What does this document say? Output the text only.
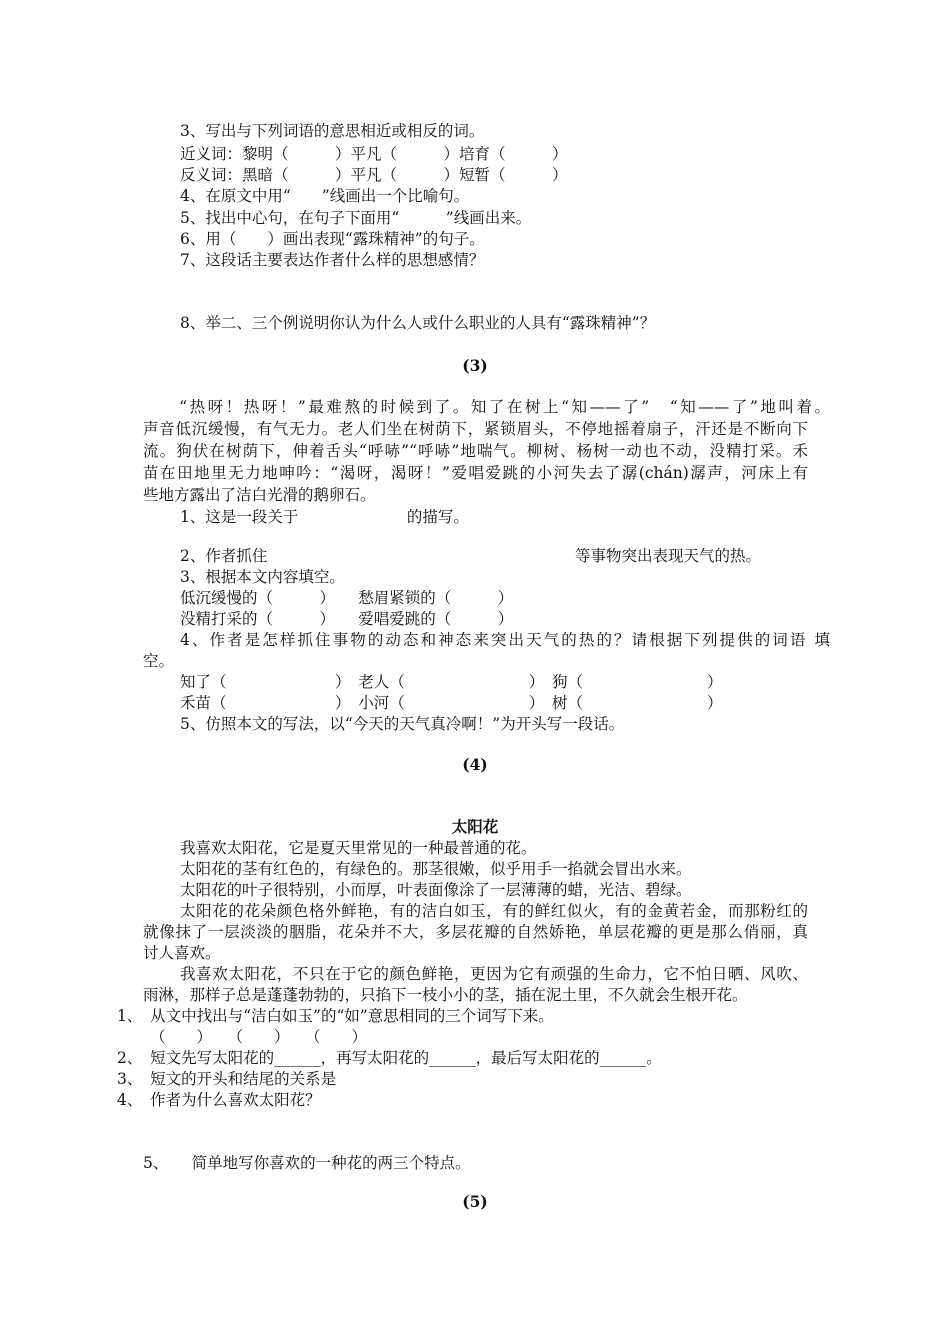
3、写出与下列词语的意思相近或相反的词。
近义词：黎明（　　　）平凡（　　　）培育（　　　）
反义词：黑暗（　　　）平凡（　　　）短暂（　　　）
4、在原文中用“　　”线画出一个比喻句。
5、找出中心句，在句子下面用“　　　”线画出来。
6、用（　　）画出表现“露珠精神”的句子。
7、这段话主要表达作者什么样的思想感情？
8、举二、三个例说明你认为什么人或什么职业的人具有“露珠精神”？
(3)
　　“热呀！热呀！”最难熬的时候到了。知了在树上“知——了”　“知——了”地叫着。
声音低沉缓慢，有气无力。老人们坐在树荫下，紧锁眉头，不停地摇着扇子，汗还是不断向下
流。狗伏在树荫下，伸着舌头“呼哧”“呼哧”地喘气。柳树、杨树一动也不动，没精打采。禾
苗在田地里无力地呻吟：“渴呀，渴呀！”爱唱爱跳的小河失去了潺(chán)潺声，河床上有
些地方露出了洁白光滑的鹅卵石。
1、这是一段关于　　　　　　　的描写。
2、作者抓住	等事物突出表现天气的热。
3、根据本文内容填空。
低沉缓慢的（　　　）　　愁眉紧锁的（　　　）
没精打采的（　　　）　　爱唱爱跳的（　　　）
4、作者是怎样抓住事物的动态和神态来突出天气的热的？请根据下列提供的词语 填
空。
知了（　　　　　　　）　老人（　　　　　　　　）　狗（　　　　　　　　）
禾苗（　　　　　　　）　小河（　　　　　　　　）　树（　　　　　　　　）
5、仿照本文的写法，以“今天的天气真冷啊！”为开头写一段话。
(4)
太阳花
我喜欢太阳花，它是夏天里常见的一种最普通的花。
太阳花的茎有红色的，有绿色的。那茎很嫩，似乎用手一掐就会冒出水来。
太阳花的叶子很特别，小而厚，叶表面像涂了一层薄薄的蜡，光洁、碧绿。
太阳花的花朵颜色格外鲜艳，有的洁白如玉，有的鲜红似火，有的金黄若金，而那粉红的
就像抹了一层淡淡的胭脂，花朵并不大，多层花瓣的自然娇艳，单层花瓣的更是那么俏丽，真
讨人喜欢。
我喜欢太阳花，不只在于它的颜色鲜艳，更因为它有顽强的生命力，它不怕日晒、风吹、
雨淋，那样子总是蓬蓬勃勃的，只掐下一枝小小的茎，插在泥土里，不久就会生根开花。
1、　从文中找出与“洁白如玉”的“如”意思相同的三个词写下来。
（　　）　　（　　）　　（　　）
2、　短文先写太阳花的______，再写太阳花的______，最后写太阳花的______。
3、　短文的开头和结尾的关系是
4、　作者为什么喜欢太阳花？
5、　　简单地写你喜欢的一种花的两三个特点。
(5)
